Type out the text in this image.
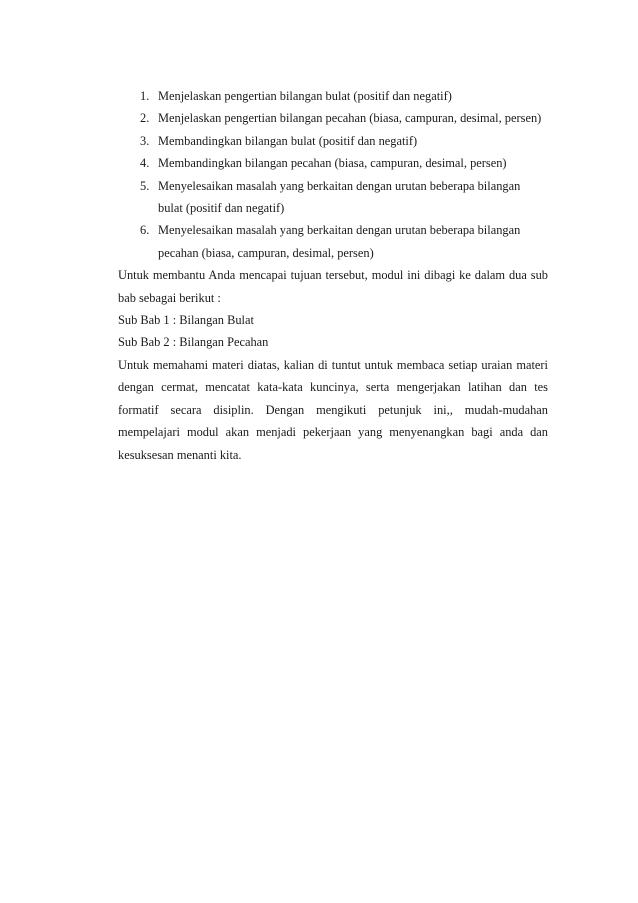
1. Menjelaskan pengertian bilangan bulat (positif dan negatif)
2. Menjelaskan pengertian bilangan pecahan (biasa, campuran, desimal, persen)
3. Membandingkan bilangan bulat (positif dan negatif)
4. Membandingkan bilangan pecahan (biasa, campuran, desimal, persen)
5. Menyelesaikan masalah yang berkaitan dengan urutan beberapa bilangan bulat (positif dan negatif)
6. Menyelesaikan masalah yang berkaitan dengan urutan beberapa bilangan pecahan (biasa, campuran, desimal, persen)

Untuk membantu Anda mencapai tujuan tersebut, modul ini dibagi ke dalam dua sub bab sebagai berikut :

Sub Bab 1 : Bilangan Bulat

Sub Bab 2 : Bilangan Pecahan

Untuk memahami materi diatas, kalian di tuntut untuk membaca setiap uraian materi dengan cermat, mencatat kata-kata kuncinya, serta mengerjakan latihan dan tes formatif secara disiplin. Dengan mengikuti petunjuk ini,, mudah-mudahan mempelajari modul akan menjadi pekerjaan yang menyenangkan bagi anda dan kesuksesan menanti kita.
